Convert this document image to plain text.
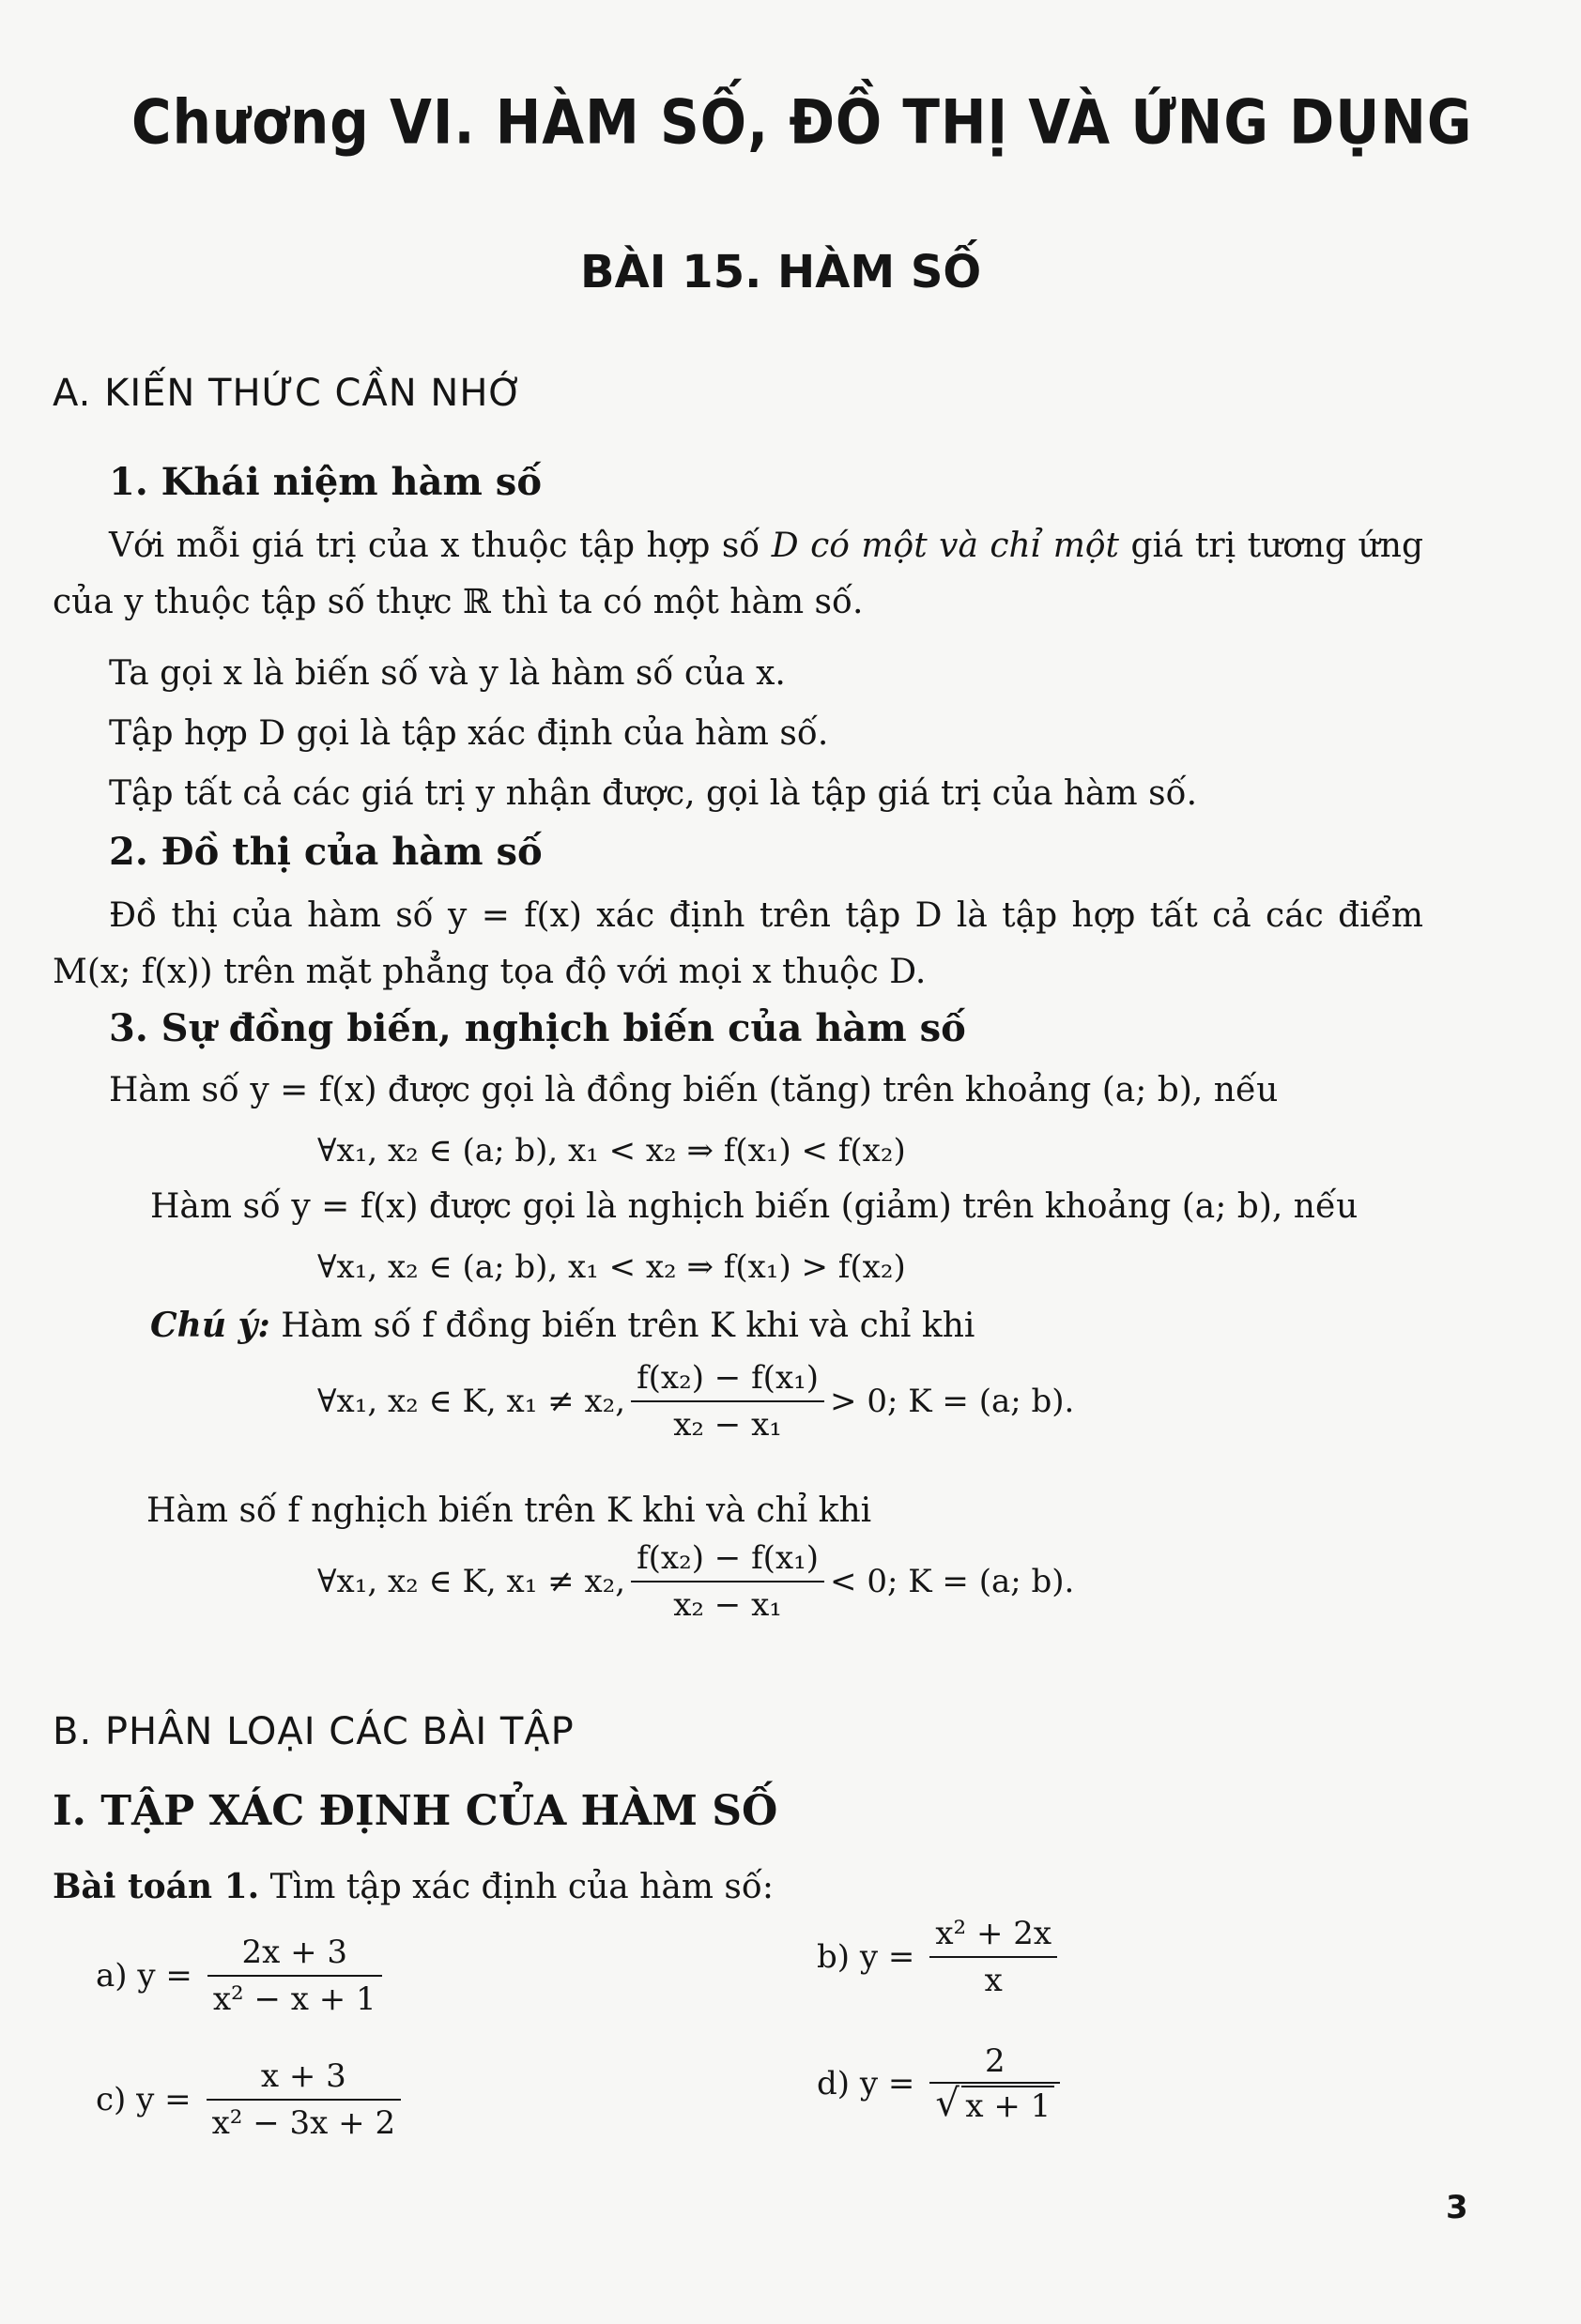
Chương VI. HÀM SỐ, ĐỒ THỊ VÀ ỨNG DỤNG
BÀI 15. HÀM SỐ
A. KIẾN THỨC CẦN NHỚ
1. Khái niệm hàm số
Với mỗi giá trị của x thuộc tập hợp số D có một và chỉ một giá trị tương ứng của y thuộc tập số thực ℝ thì ta có một hàm số.
Ta gọi x là biến số và y là hàm số của x.
Tập hợp D gọi là tập xác định của hàm số.
Tập tất cả các giá trị y nhận được, gọi là tập giá trị của hàm số.
2. Đồ thị của hàm số
Đồ thị của hàm số y = f(x) xác định trên tập D là tập hợp tất cả các điểm M(x; f(x)) trên mặt phẳng tọa độ với mọi x thuộc D.
3. Sự đồng biến, nghịch biến của hàm số
Hàm số y = f(x) được gọi là đồng biến (tăng) trên khoảng (a; b), nếu
∀x₁, x₂ ∈ (a; b), x₁ < x₂ ⇒ f(x₁) < f(x₂)
Hàm số y = f(x) được gọi là nghịch biến (giảm) trên khoảng (a; b), nếu
∀x₁, x₂ ∈ (a; b), x₁ < x₂ ⇒ f(x₁) > f(x₂)
Chú ý: Hàm số f đồng biến trên K khi và chỉ khi
∀x₁, x₂ ∈ K, x₁ ≠ x₂, $\frac{\text{f(x₂) − f(x₁)}}{\text{x₂ − x₁}} > 0$; K = (a; b).
Hàm số f nghịch biến trên K khi và chỉ khi
∀x₁, x₂ ∈ K, x₁ ≠ x₂, $\frac{\text{f(x₂) − f(x₁)}}{\text{x₂ − x₁}} < 0$; K = (a; b).
B. PHÂN LOẠI CÁC BÀI TẬP
I. TẬP XÁC ĐỊNH CỦA HÀM SỐ
Bài toán 1. Tìm tập xác định của hàm số:
a) $y = \frac{2x + 3}{\text{x² − x + 1}}$	b) $y = \frac{\text{x² + 2x}}{x}$
c) $y = \frac{x + 3}{\text{x² − 3x + 2}}$	d) $y = \frac{2}{√ x + 1}$
3
